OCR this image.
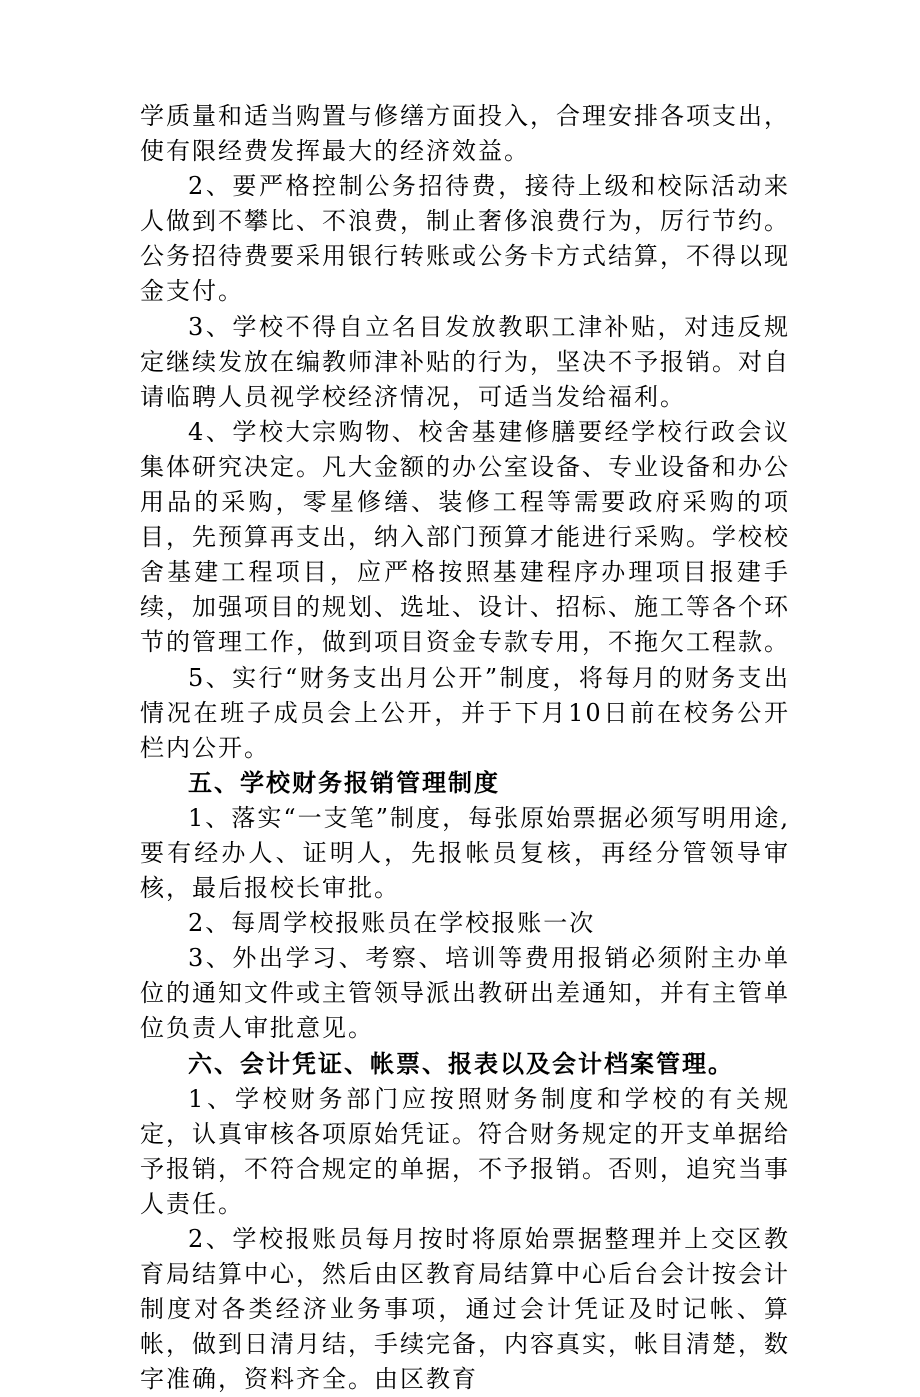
学质量和适当购置与修缮方面投入，合理安排各项支出，使有限经费发挥最大的经济效益。

2、要严格控制公务招待费，接待上级和校际活动来人做到不攀比、不浪费，制止奢侈浪费行为，厉行节约。公务招待费要采用银行转账或公务卡方式结算，不得以现金支付。

3、学校不得自立名目发放教职工津补贴，对违反规定继续发放在编教师津补贴的行为，坚决不予报销。对自请临聘人员视学校经济情况，可适当发给福利。

4、学校大宗购物、校舍基建修膳要经学校行政会议集体研究决定。凡大金额的办公室设备、专业设备和办公用品的采购，零星修缮、装修工程等需要政府采购的项目，先预算再支出，纳入部门预算才能进行采购。学校校舍基建工程项目，应严格按照基建程序办理项目报建手续，加强项目的规划、选址、设计、招标、施工等各个环节的管理工作，做到项目资金专款专用，不拖欠工程款。

5、实行“财务支出月公开”制度，将每月的财务支出情况在班子成员会上公开，并于下月10日前在校务公开栏内公开。

五、学校财务报销管理制度

1、落实“一支笔”制度，每张原始票据必须写明用途,要有经办人、证明人，先报帐员复核，再经分管领导审核，最后报校长审批。

2、每周学校报账员在学校报账一次

3、外出学习、考察、培训等费用报销必须附主办单位的通知文件或主管领导派出教研出差通知，并有主管单位负责人审批意见。

六、会计凭证、帐票、报表以及会计档案管理。

1、学校财务部门应按照财务制度和学校的有关规定，认真审核各项原始凭证。符合财务规定的开支单据给予报销，不符合规定的单据，不予报销。否则，追究当事人责任。

2、学校报账员每月按时将原始票据整理并上交区教育局结算中心，然后由区教育局结算中心后台会计按会计制度对各类经济业务事项，通过会计凭证及时记帐、算帐，做到日清月结，手续完备，内容真实，帐目清楚，数字准确，资料齐全。由区教育
